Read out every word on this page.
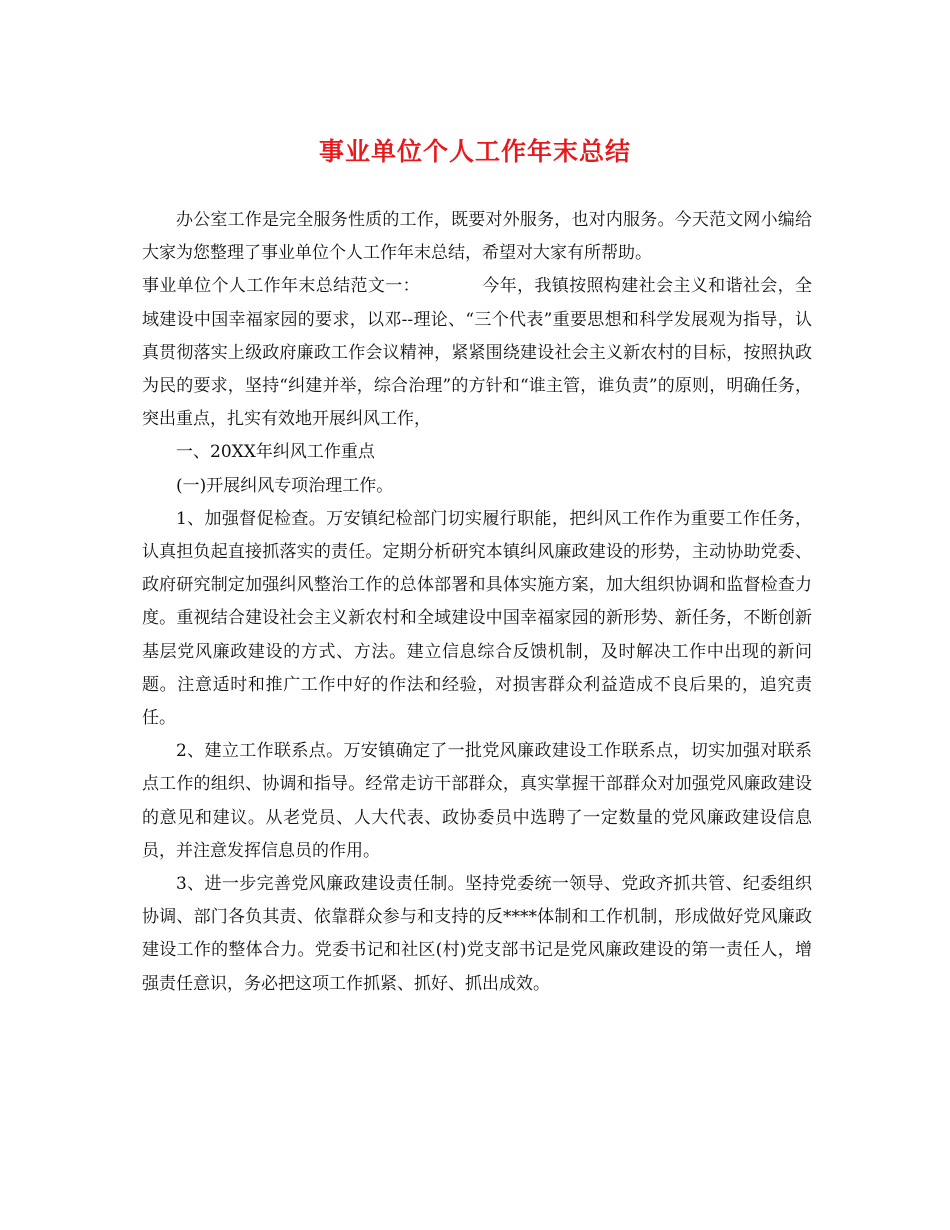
事业单位个人工作年末总结

办公室工作是完全服务性质的工作，既要对外服务，也对内服务。今天范文网小编给大家为您整理了事业单位个人工作年末总结，希望对大家有所帮助。

事业单位个人工作年末总结范文一：	今年，我镇按照构建社会主义和谐社会，全域建设中国幸福家园的要求，以邓--理论、“三个代表”重要思想和科学发展观为指导，认真贯彻落实上级政府廉政工作会议精神，紧紧围绕建设社会主义新农村的目标，按照执政为民的要求，坚持“纠建并举，综合治理”的方针和“谁主管，谁负责”的原则，明确任务，突出重点，扎实有效地开展纠风工作，

一、20XX年纠风工作重点

(一)开展纠风专项治理工作。

1、加强督促检查。万安镇纪检部门切实履行职能，把纠风工作作为重要工作任务，认真担负起直接抓落实的责任。定期分析研究本镇纠风廉政建设的形势，主动协助党委、政府研究制定加强纠风整治工作的总体部署和具体实施方案，加大组织协调和监督检查力度。重视结合建设社会主义新农村和全域建设中国幸福家园的新形势、新任务，不断创新基层党风廉政建设的方式、方法。建立信息综合反馈机制，及时解决工作中出现的新问题。注意适时和推广工作中好的作法和经验，对损害群众利益造成不良后果的，追究责任。

2、建立工作联系点。万安镇确定了一批党风廉政建设工作联系点，切实加强对联系点工作的组织、协调和指导。经常走访干部群众，真实掌握干部群众对加强党风廉政建设的意见和建议。从老党员、人大代表、政协委员中选聘了一定数量的党风廉政建设信息员，并注意发挥信息员的作用。

3、进一步完善党风廉政建设责任制。坚持党委统一领导、党政齐抓共管、纪委组织协调、部门各负其责、依靠群众参与和支持的反****体制和工作机制，形成做好党风廉政建设工作的整体合力。党委书记和社区(村)党支部书记是党风廉政建设的第一责任人，增强责任意识，务必把这项工作抓紧、抓好、抓出成效。
